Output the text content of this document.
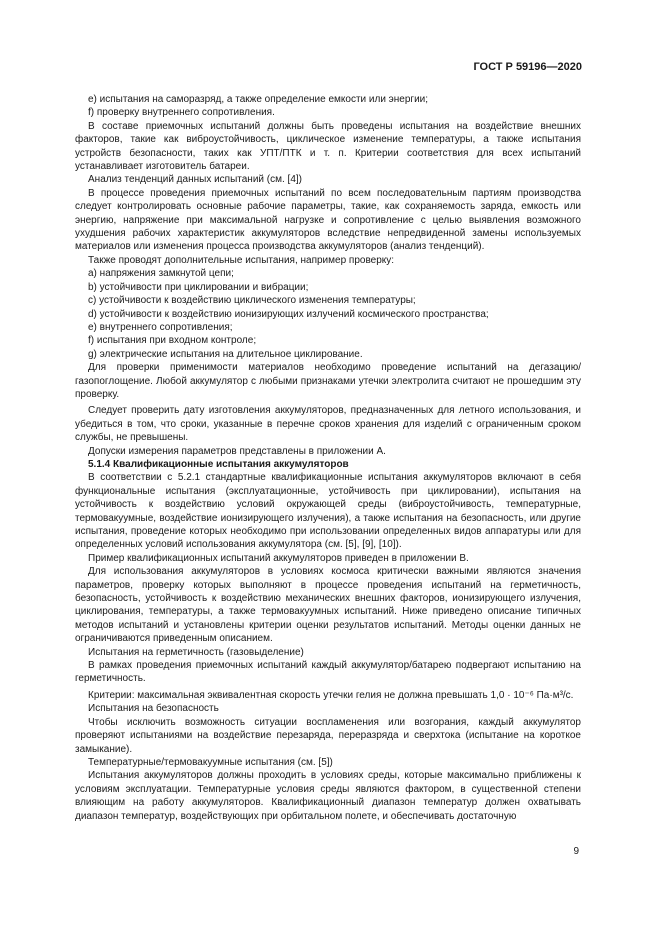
ГОСТ Р 59196—2020

e) испытания на саморазряд, а также определение емкости или энергии;

f) проверку внутреннего сопротивления.

В составе приемочных испытаний должны быть проведены испытания на воздействие внешних факторов, такие как виброустойчивость, циклическое изменение температуры, а также испытания устройств безопасности, таких как УПТ/ПТК и т. п. Критерии соответствия для всех испытаний устанавливает изготовитель батареи.

Анализ тенденций данных испытаний (см. [4])

В процессе проведения приемочных испытаний по всем последовательным партиям производства следует контролировать основные рабочие параметры, такие, как сохраняемость заряда, емкость или энергию, напряжение при максимальной нагрузке и сопротивление с целью выявления возможного ухудшения рабочих характеристик аккумуляторов вследствие непредвиденной замены используемых материалов или изменения процесса производства аккумуляторов (анализ тенденций).

Также проводят дополнительные испытания, например проверку:

a) напряжения замкнутой цепи;

b) устойчивости при циклировании и вибрации;

c) устойчивости к воздействию циклического изменения температуры;

d) устойчивости к воздействию ионизирующих излучений космического пространства;

e) внутреннего сопротивления;

f) испытания при входном контроле;

g) электрические испытания на длительное циклирование.

Для проверки применимости материалов необходимо проведение испытаний на дегазацию/газопоглощение. Любой аккумулятор с любыми признаками утечки электролита считают не прошедшим эту проверку.

Следует проверить дату изготовления аккумуляторов, предназначенных для летного использования, и убедиться в том, что сроки, указанные в перечне сроков хранения для изделий с ограниченным сроком службы, не превышены.

Допуски измерения параметров представлены в приложении А.

5.1.4 Квалификационные испытания аккумуляторов

В соответствии с 5.2.1 стандартные квалификационные испытания аккумуляторов включают в себя функциональные испытания (эксплуатационные, устойчивость при циклировании), испытания на устойчивость к воздействию условий окружающей среды (виброустойчивость, температурные, термовакуумные, воздействие ионизирующего излучения), а также испытания на безопасность, или другие испытания, проведение которых необходимо при использовании определенных видов аппаратуры или для определенных условий использования аккумулятора (см. [5], [9], [10]).

Пример квалификационных испытаний аккумуляторов приведен в приложении В.

Для использования аккумуляторов в условиях космоса критически важными являются значения параметров, проверку которых выполняют в процессе проведения испытаний на герметичность, безопасность, устойчивость к воздействию механических внешних факторов, ионизирующего излучения, циклирования, температуры, а также термовакуумных испытаний. Ниже приведено описание типичных методов испытаний и установлены критерии оценки результатов испытаний. Методы оценки данных не ограничиваются приведенным описанием.

Испытания на герметичность (газовыделение)

В рамках проведения приемочных испытаний каждый аккумулятор/батарею подвергают испытанию на герметичность.

Критерии: максимальная эквивалентная скорость утечки гелия не должна превышать 1,0 · 10⁻⁶ Па·м³/с.

Испытания на безопасность

Чтобы исключить возможность ситуации воспламенения или возгорания, каждый аккумулятор проверяют испытаниями на воздействие перезаряда, переразряда и сверхтока (испытание на короткое замыкание).

Температурные/термовакуумные испытания (см. [5])

Испытания аккумуляторов должны проходить в условиях среды, которые максимально приближены к условиям эксплуатации. Температурные условия среды являются фактором, в существенной степени влияющим на работу аккумуляторов. Квалификационный диапазон температур должен охватывать диапазон температур, воздействующих при орбитальном полете, и обеспечивать достаточную

9
